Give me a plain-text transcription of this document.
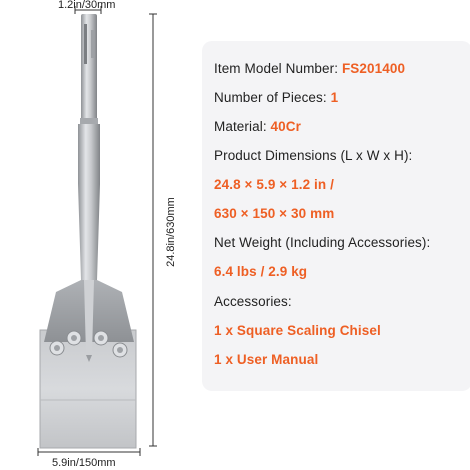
1.2in/30mm
24.8in/630mm
5.9in/150mm
Item Model Number: FS201400
Number of Pieces: 1
Material: 40Cr
Product Dimensions (L x W x H):
24.8 × 5.9 × 1.2 in /
630 × 150 × 30 mm
Net Weight (Including Accessories):
6.4 lbs / 2.9 kg
Accessories:
1 x Square Scaling Chisel
1 x User Manual
